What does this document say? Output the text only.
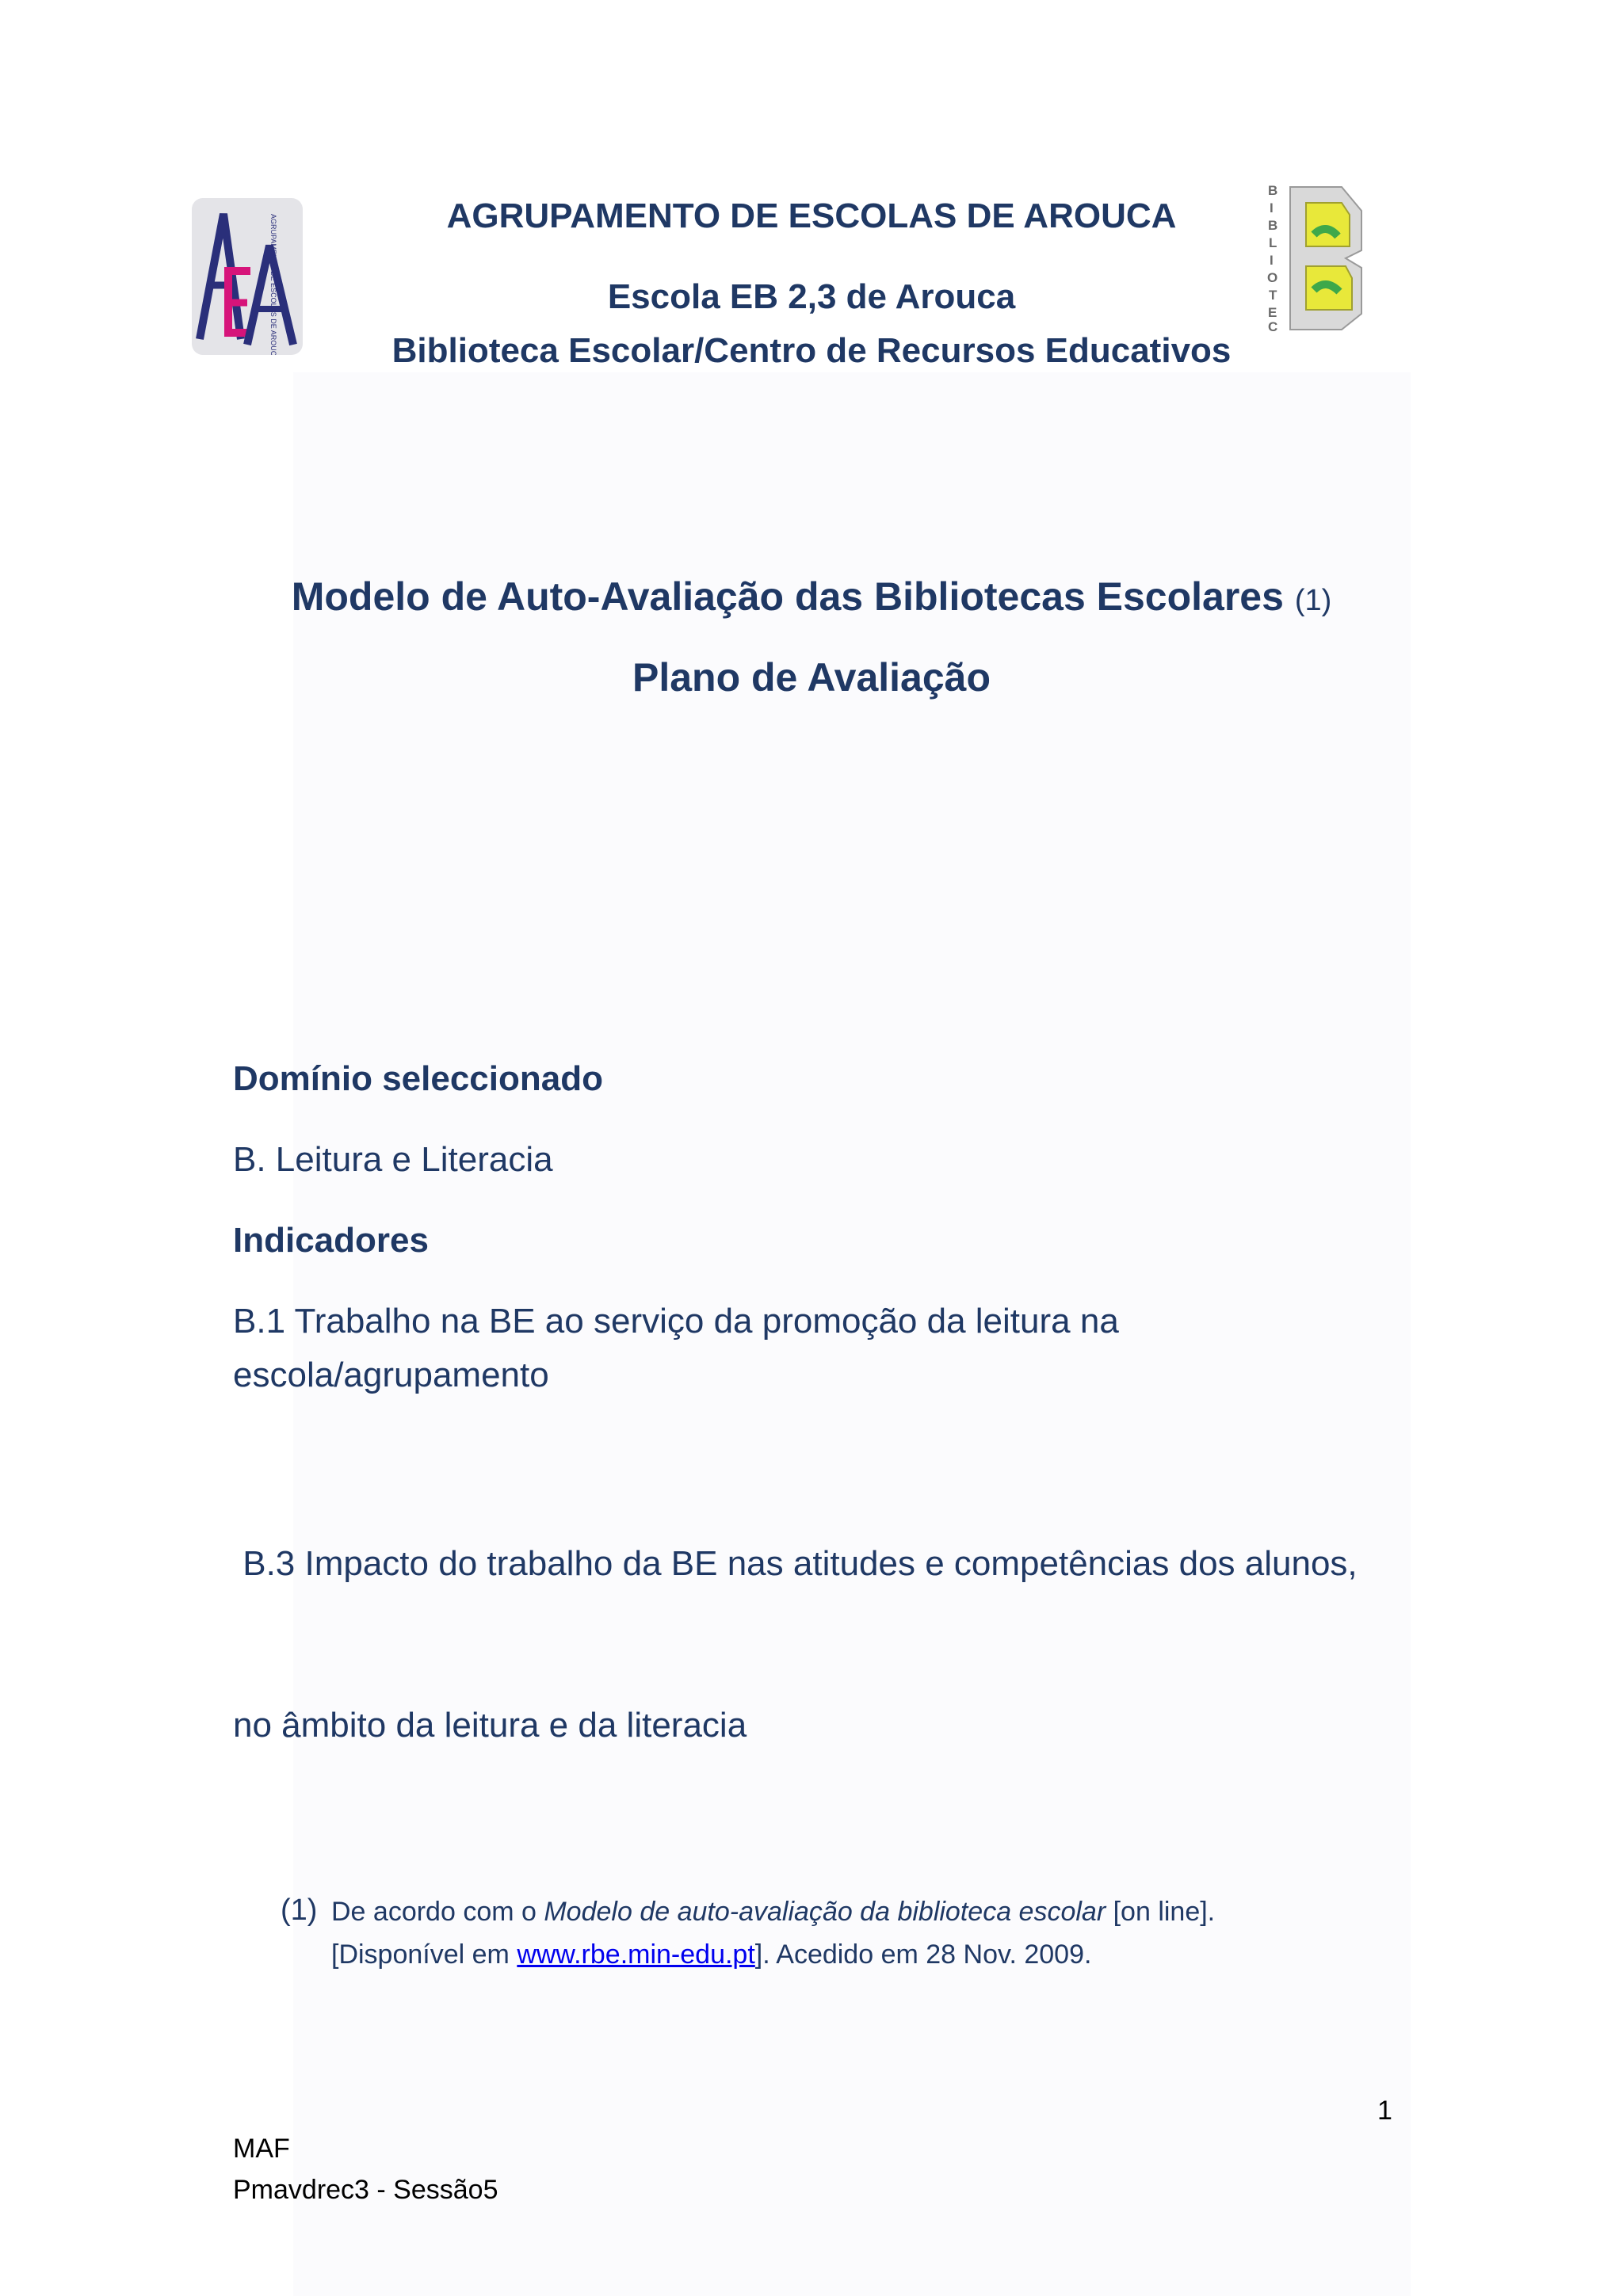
AGRUPAMENTO DE ESCOLAS DE AROUCA
B
I
B
L
I
O
T
E
C
AGRUPAMENTO DE ESCOLAS DE AROUCA
Escola EB 2,3 de Arouca
Biblioteca Escolar/Centro de Recursos Educativos
Modelo de Auto-Avaliação das Bibliotecas Escolares (1)
Plano de Avaliação
Domínio seleccionado
B. Leitura e Literacia
Indicadores
B.1 Trabalho na BE ao serviço da promoção da leitura na
escola/agrupamento

B.3 Impacto do trabalho da BE nas atitudes e competências dos alunos,

no âmbito da leitura e da literacia

(1) De acordo com o Modelo de auto-avaliação da biblioteca escolar [on line].
[Disponível em www.rbe.min-edu.pt]. Acedido em 28 Nov. 2009.
1
MAF
Pmavdrec3 - Sessão5
